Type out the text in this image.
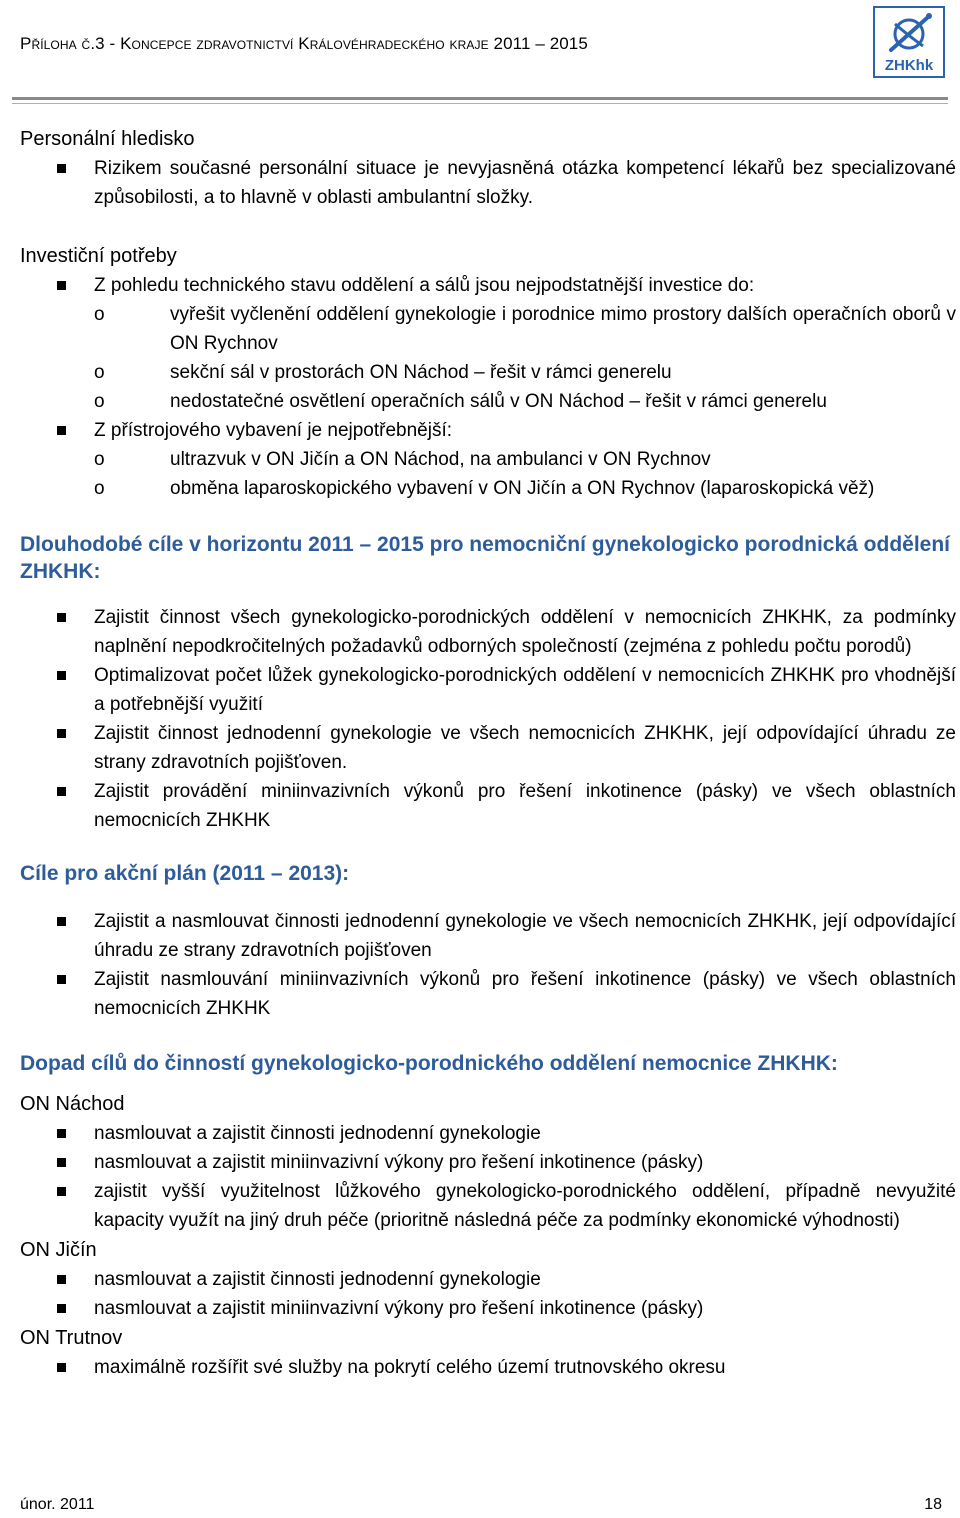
Příloha č.3 - Koncepce zdravotnictví Královéhradeckého kraje 2011 – 2015
ZHKhk

Personální hledisko

Rizikem současné personální situace je nevyjasněná otázka kompetencí lékařů bez specializované způsobilosti, a to hlavně v oblasti ambulantní složky.

Investiční potřeby

Z pohledu technického stavu oddělení a sálů jsou nejpodstatnější investice do:
o	vyřešit vyčlenění oddělení gynekologie i porodnice mimo prostory dalších operačních oborů v ON Rychnov
o	sekční sál v prostorách ON Náchod – řešit v rámci generelu
o	nedostatečné osvětlení operačních sálů v ON Náchod – řešit v rámci generelu
Z přístrojového vybavení je nejpotřebnější:
o	ultrazvuk v ON Jičín a ON Náchod, na ambulanci v ON Rychnov
o	obměna laparoskopického vybavení v ON Jičín a ON Rychnov (laparoskopická věž)

Dlouhodobé cíle v horizontu 2011 – 2015 pro nemocniční gynekologicko porodnická oddělení ZHKHK:

Zajistit činnost všech gynekologicko-porodnických oddělení v nemocnicích ZHKHK, za podmínky naplnění nepodkročitelných požadavků odborných společností (zejména z pohledu počtu porodů)
Optimalizovat počet lůžek gynekologicko-porodnických oddělení v nemocnicích ZHKHK pro vhodnější a potřebnější využití
Zajistit činnost jednodenní gynekologie ve všech nemocnicích ZHKHK, její odpovídající úhradu ze strany zdravotních pojišťoven.
Zajistit provádění miniinvazivních výkonů pro řešení inkotinence (pásky) ve všech oblastních nemocnicích ZHKHK

Cíle pro akční plán (2011 – 2013):

Zajistit a nasmlouvat činnosti jednodenní gynekologie ve všech nemocnicích ZHKHK, její odpovídající úhradu ze strany zdravotních pojišťoven
Zajistit nasmlouvání miniinvazivních výkonů pro řešení inkotinence (pásky) ve všech oblastních nemocnicích ZHKHK

Dopad cílů do činností gynekologicko-porodnického oddělení nemocnice ZHKHK:

ON Náchod

nasmlouvat a zajistit činnosti jednodenní gynekologie
nasmlouvat a zajistit miniinvazivní výkony pro řešení inkotinence (pásky)
zajistit vyšší využitelnost lůžkového gynekologicko-porodnického oddělení, případně nevyužité kapacity využít na jiný druh péče (prioritně následná péče za podmínky ekonomické výhodnosti)

ON Jičín

nasmlouvat a zajistit činnosti jednodenní gynekologie
nasmlouvat a zajistit miniinvazivní výkony pro řešení inkotinence (pásky)

ON Trutnov

maximálně rozšířit své služby na pokrytí celého území trutnovského okresu
únor. 2011	18
